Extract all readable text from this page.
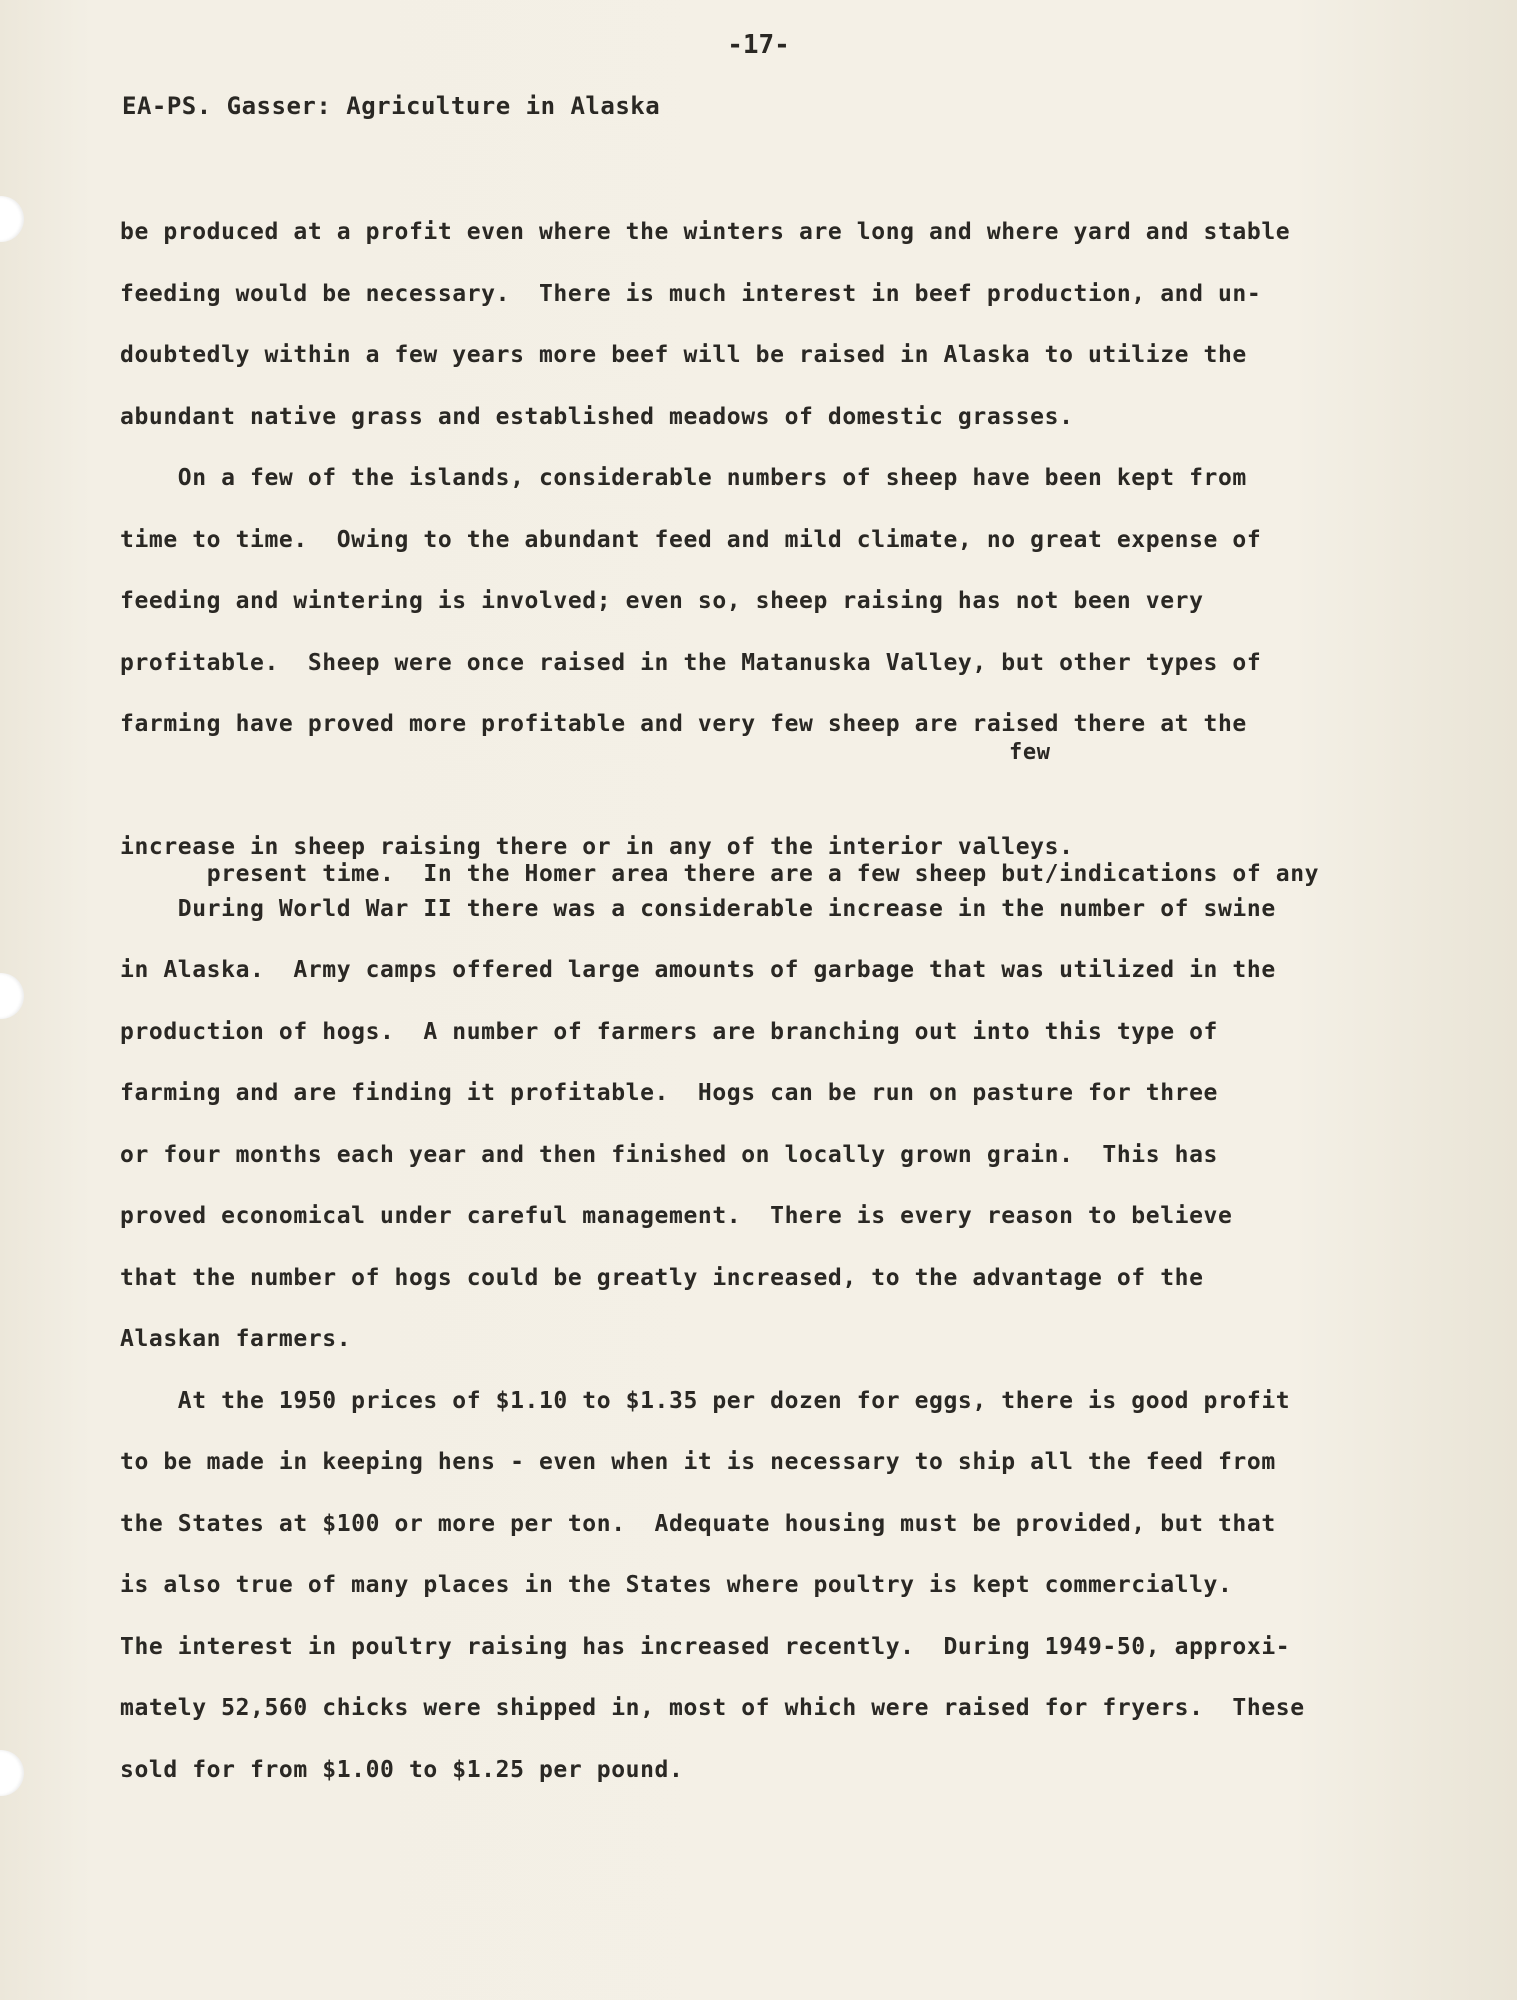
-17-
EA-PS. Gasser: Agriculture in Alaska
be produced at a profit even where the winters are long and where yard and stable
feeding would be necessary.  There is much interest in beef production, and un-
doubtedly within a few years more beef will be raised in Alaska to utilize the
abundant native grass and established meadows of domestic grasses.
On a few of the islands, considerable numbers of sheep have been kept from
time to time.  Owing to the abundant feed and mild climate, no great expense of
feeding and wintering is involved; even so, sheep raising has not been very
profitable.  Sheep were once raised in the Matanuska Valley, but other types of
farming have proved more profitable and very few sheep are raised there at the

few

present time.  In the Homer area there are a few sheep but/indications of any

increase in sheep raising there or in any of the interior valleys.
During World War II there was a considerable increase in the number of swine
in Alaska.  Army camps offered large amounts of garbage that was utilized in the
production of hogs.  A number of farmers are branching out into this type of
farming and are finding it profitable.  Hogs can be run on pasture for three
or four months each year and then finished on locally grown grain.  This has
proved economical under careful management.  There is every reason to believe
that the number of hogs could be greatly increased, to the advantage of the
Alaskan farmers.
At the 1950 prices of $1.10 to $1.35 per dozen for eggs, there is good profit
to be made in keeping hens - even when it is necessary to ship all the feed from
the States at $100 or more per ton.  Adequate housing must be provided, but that
is also true of many places in the States where poultry is kept commercially.
The interest in poultry raising has increased recently.  During 1949-50, approxi-
mately 52,560 chicks were shipped in, most of which were raised for fryers.  These
sold for from $1.00 to $1.25 per pound.
